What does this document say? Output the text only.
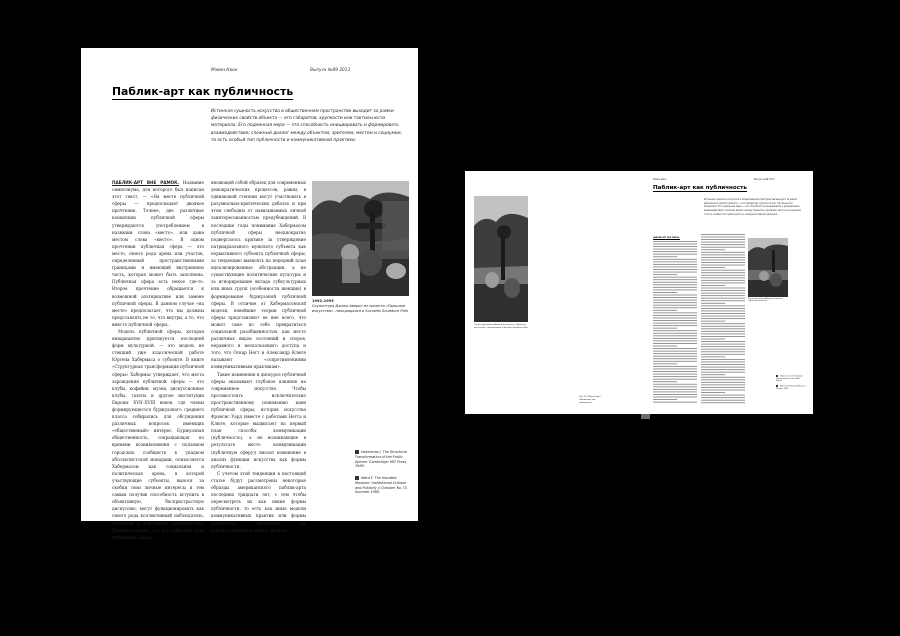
Мэвон Квон	Выпуск №89 2013
Паблик-арт как публичность
Истинная сущность искусства в общественном пространстве выходит за рамки физических свойств объекта — его габаритов, хрупкости или тактильности материала. Его подлинная мера — это способность инициировать и формировать взаимодействие; сложный диалог между объектом, зрителем, местом и социумом, то есть особый тип публичности и коммуникативной практики.

ПАБЛИК-АРТ ВНЕ РАМОК. Название симпозиума, для которого был написан этот текст, — «На месте публичной сферы — предпольшает двоякое прочтение. Точнее, две различные концепции публичной сферы утверждаются употреблением в названии слова «место», или даже местом слова «место». В одном прочтении публичная сфера — это место, своего рода арена или участок, определенный пространственными границами и имеющий внутреннюю часть, которая может быть заполнена. Публичная сфера есть некое где-то. Второе прочтение обращается к возможной альтернативе или замене публичной сферы. В данном случае «на месте» предполагает, что мы должны представлять не то, что внутри, а то, что вместо публичной сферы.

Модель публичной сферы, которая инвариантно критикуется последней форм мультурной, — это модель не стекший уже классической работе Юргена Хабермаса о субъекте. В книге «Структурная трансформация публичной сферы» Хабермас утверждает, что места зарождения публичной сферы — это клубы, кофейни, музеи, дискуссионные клубы, газеты и другие институции Европы XVII–XVIII веков, где члены формирующегося буржуазного среднего класса собирались для обсуждения различных вопросов, имеющих «общественный» интерес. Буржуазная общественность, сокращающая по времени возникновения с подъемом городских сообществ в упадком абсолютистской монархии, осмысляется Хабермасом как социальная и политическая арена, в которой участвующие субъекты, вынося за скобки свои личные интересы и тем самым получив способность вступить в объективную, беспристрастную дискуссию, могут функционировать как своего рода коллективный наблюдатель, следящий за действиями правительства. Предполагается, что все субъекты этой публичной сферы,

являющей собой образец для современных демократических процессов, равны, в одинаковой степени могут участвовать в разумнально-критических дебатах и при этом свободны от навязываемых личной заинтересованностью предубеждений. В последние годы понимание Хабермасом публичной сферы неоднократно подвергалось критике за утверждение патриархального мужского субъекта как нормативного субъекта публичной сферы, за тенденцию выявлять на передний план идеализированные абстракции, а не существующие политические культуры и за игнорирование вклада субкультурных или иных групп (особенности женщин) в формирование буржуазной публичной сферы. В отличие от Хабермасовской модели, новейшие теории публичной сферы представляют ее вне всего, что может само по себе превратиться социальной разобщенностью, как место различных видов состояний и споров, неравного и нескользящего доступа и того, что Оскар Негт и Александр Клюге называют «сопротивлениями коммуникативным практикам».

Такие изменения в дискурсе публичной сферы оказывают глубокое влияние на современное искусство. Чтобы противостоять исключительно пространственному пониманию идеи публичной сферы, история искусства Фрэнсис Уард (вместе с работами Негта и Клюге, которые выдвигают на первый план способы коммуникации (публичность), а не возникающее в результате место коммуникации (публичную сферу)) вносит изменение в анализ функции искусства как формы публичности.

С учетом этой тенденции в настоящей статье будут рассмотрены некоторые образцы американского паблик-арта последних тридцати лет, с тем чтобы пересмотреть их как некие формы публичности, то есть как иные модели коммуникативных практик или формы публичного обращения (не художественные манеры). Направ-

1992–1993
Скульптура Джека Аверко из проекта «Прошлое искусства», находящаяся в Socrates Sculpture Park
Habermas J. The Structural Transformation of the Public Sphere. Cambridge: MIT Press, 1989.
Ward F. The Haunted Museum: Institutional Critique and Publicity // October. No 73. Summer 1995.
Скульптура Джека Аверко из проекта «Прошлое искусства», находящаяся в Socrates Sculpture Park
126–127 Мэвон Квон Паблик-арт как публичность
Мэвон Квон	Выпуск №89 2013
Паблик-арт как публичность
Истинная сущность искусства в общественном пространстве выходит за рамки физических свойств объекта — его габаритов, хрупкости или тактильности материала. Его подлинная мера — это способность инициировать и формировать взаимодействие; сложный диалог между объектом, зрителем, местом и социумом, то есть особый тип публичности и коммуникативной практики.
ПАБЛИК-АРТ ВНЕ РАМОК.
Скульптура Джека Аверко из проекта «Прошлое искусства»
Habermas J. The Structural Transformation of the Public Sphere.
Ward F. The Haunted Museum. October, 1995.
